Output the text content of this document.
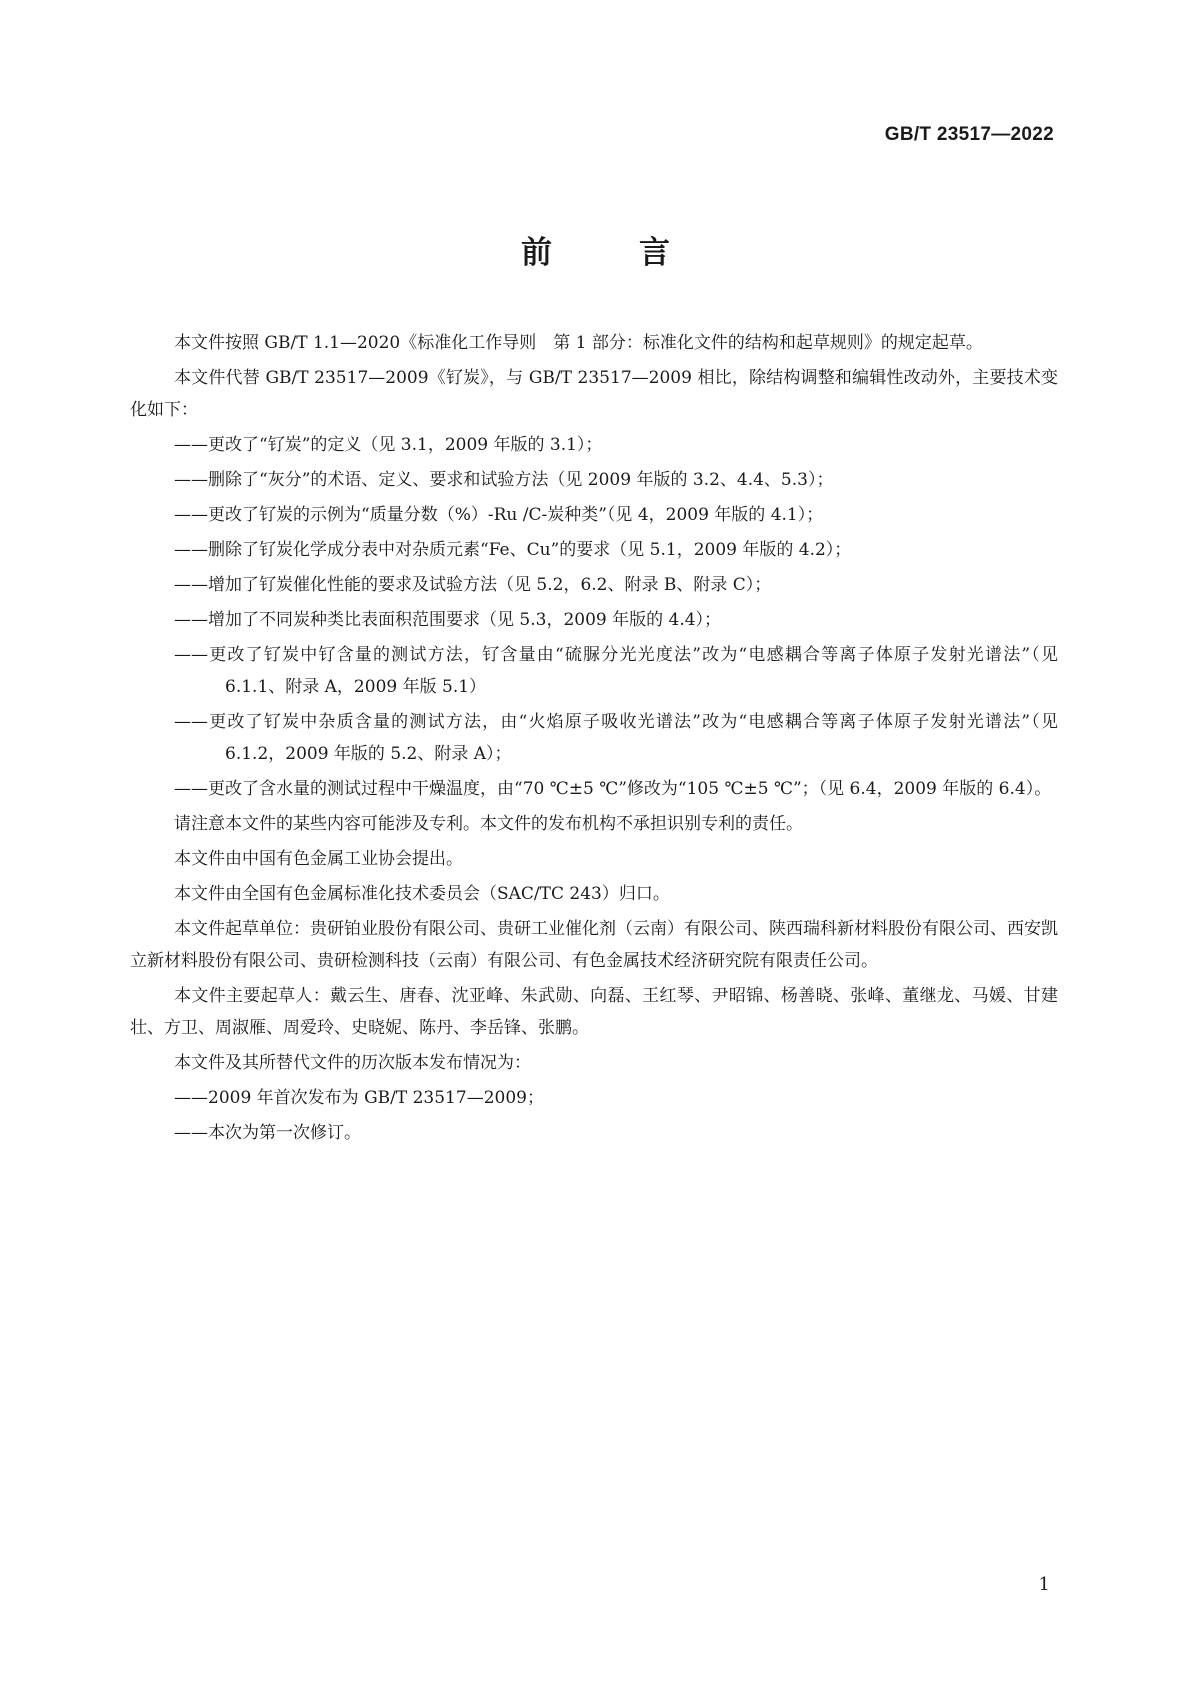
GB/T 23517—2022
前　言

本文件按照 GB/T 1.1—2020《标准化工作导则　第 1 部分：标准化文件的结构和起草规则》的规定起草。

本文件代替 GB/T 23517—2009《钌炭》，与 GB/T 23517—2009 相比，除结构调整和编辑性改动外，主要技术变化如下：

——更改了“钌炭”的定义（见 3.1，2009 年版的 3.1）；

——删除了“灰分”的术语、定义、要求和试验方法（见 2009 年版的 3.2、4.4、5.3）；

——更改了钌炭的示例为“质量分数（%）-Ru /C-炭种类”（见 4，2009 年版的 4.1）；

——删除了钌炭化学成分表中对杂质元素“Fe、Cu”的要求（见 5.1，2009 年版的 4.2）；

——增加了钌炭催化性能的要求及试验方法（见 5.2，6.2、附录 B、附录 C）；

——增加了不同炭种类比表面积范围要求（见 5.3，2009 年版的 4.4）；

——更改了钌炭中钌含量的测试方法，钌含量由“硫脲分光光度法”改为“电感耦合等离子体原子发射光谱法”（见 6.1.1、附录 A，2009 年版 5.1）

——更改了钌炭中杂质含量的测试方法，由“火焰原子吸收光谱法”改为“电感耦合等离子体原子发射光谱法”（见 6.1.2，2009 年版的 5.2、附录 A）；

——更改了含水量的测试过程中干燥温度，由“70 ℃±5 ℃”修改为“105 ℃±5 ℃”；（见 6.4，2009 年版的 6.4）。

请注意本文件的某些内容可能涉及专利。本文件的发布机构不承担识别专利的责任。

本文件由中国有色金属工业协会提出。

本文件由全国有色金属标准化技术委员会（SAC/TC 243）归口。

本文件起草单位：贵研铂业股份有限公司、贵研工业催化剂（云南）有限公司、陕西瑞科新材料股份有限公司、西安凯立新材料股份有限公司、贵研检测科技（云南）有限公司、有色金属技术经济研究院有限责任公司。

本文件主要起草人：戴云生、唐春、沈亚峰、朱武勋、向磊、王红琴、尹昭锦、杨善晓、张峰、董继龙、马媛、甘建壮、方卫、周淑雁、周爱玲、史晓妮、陈丹、李岳锋、张鹏。

本文件及其所替代文件的历次版本发布情况为：

——2009 年首次发布为 GB/T 23517—2009；

——本次为第一次修订。

1
